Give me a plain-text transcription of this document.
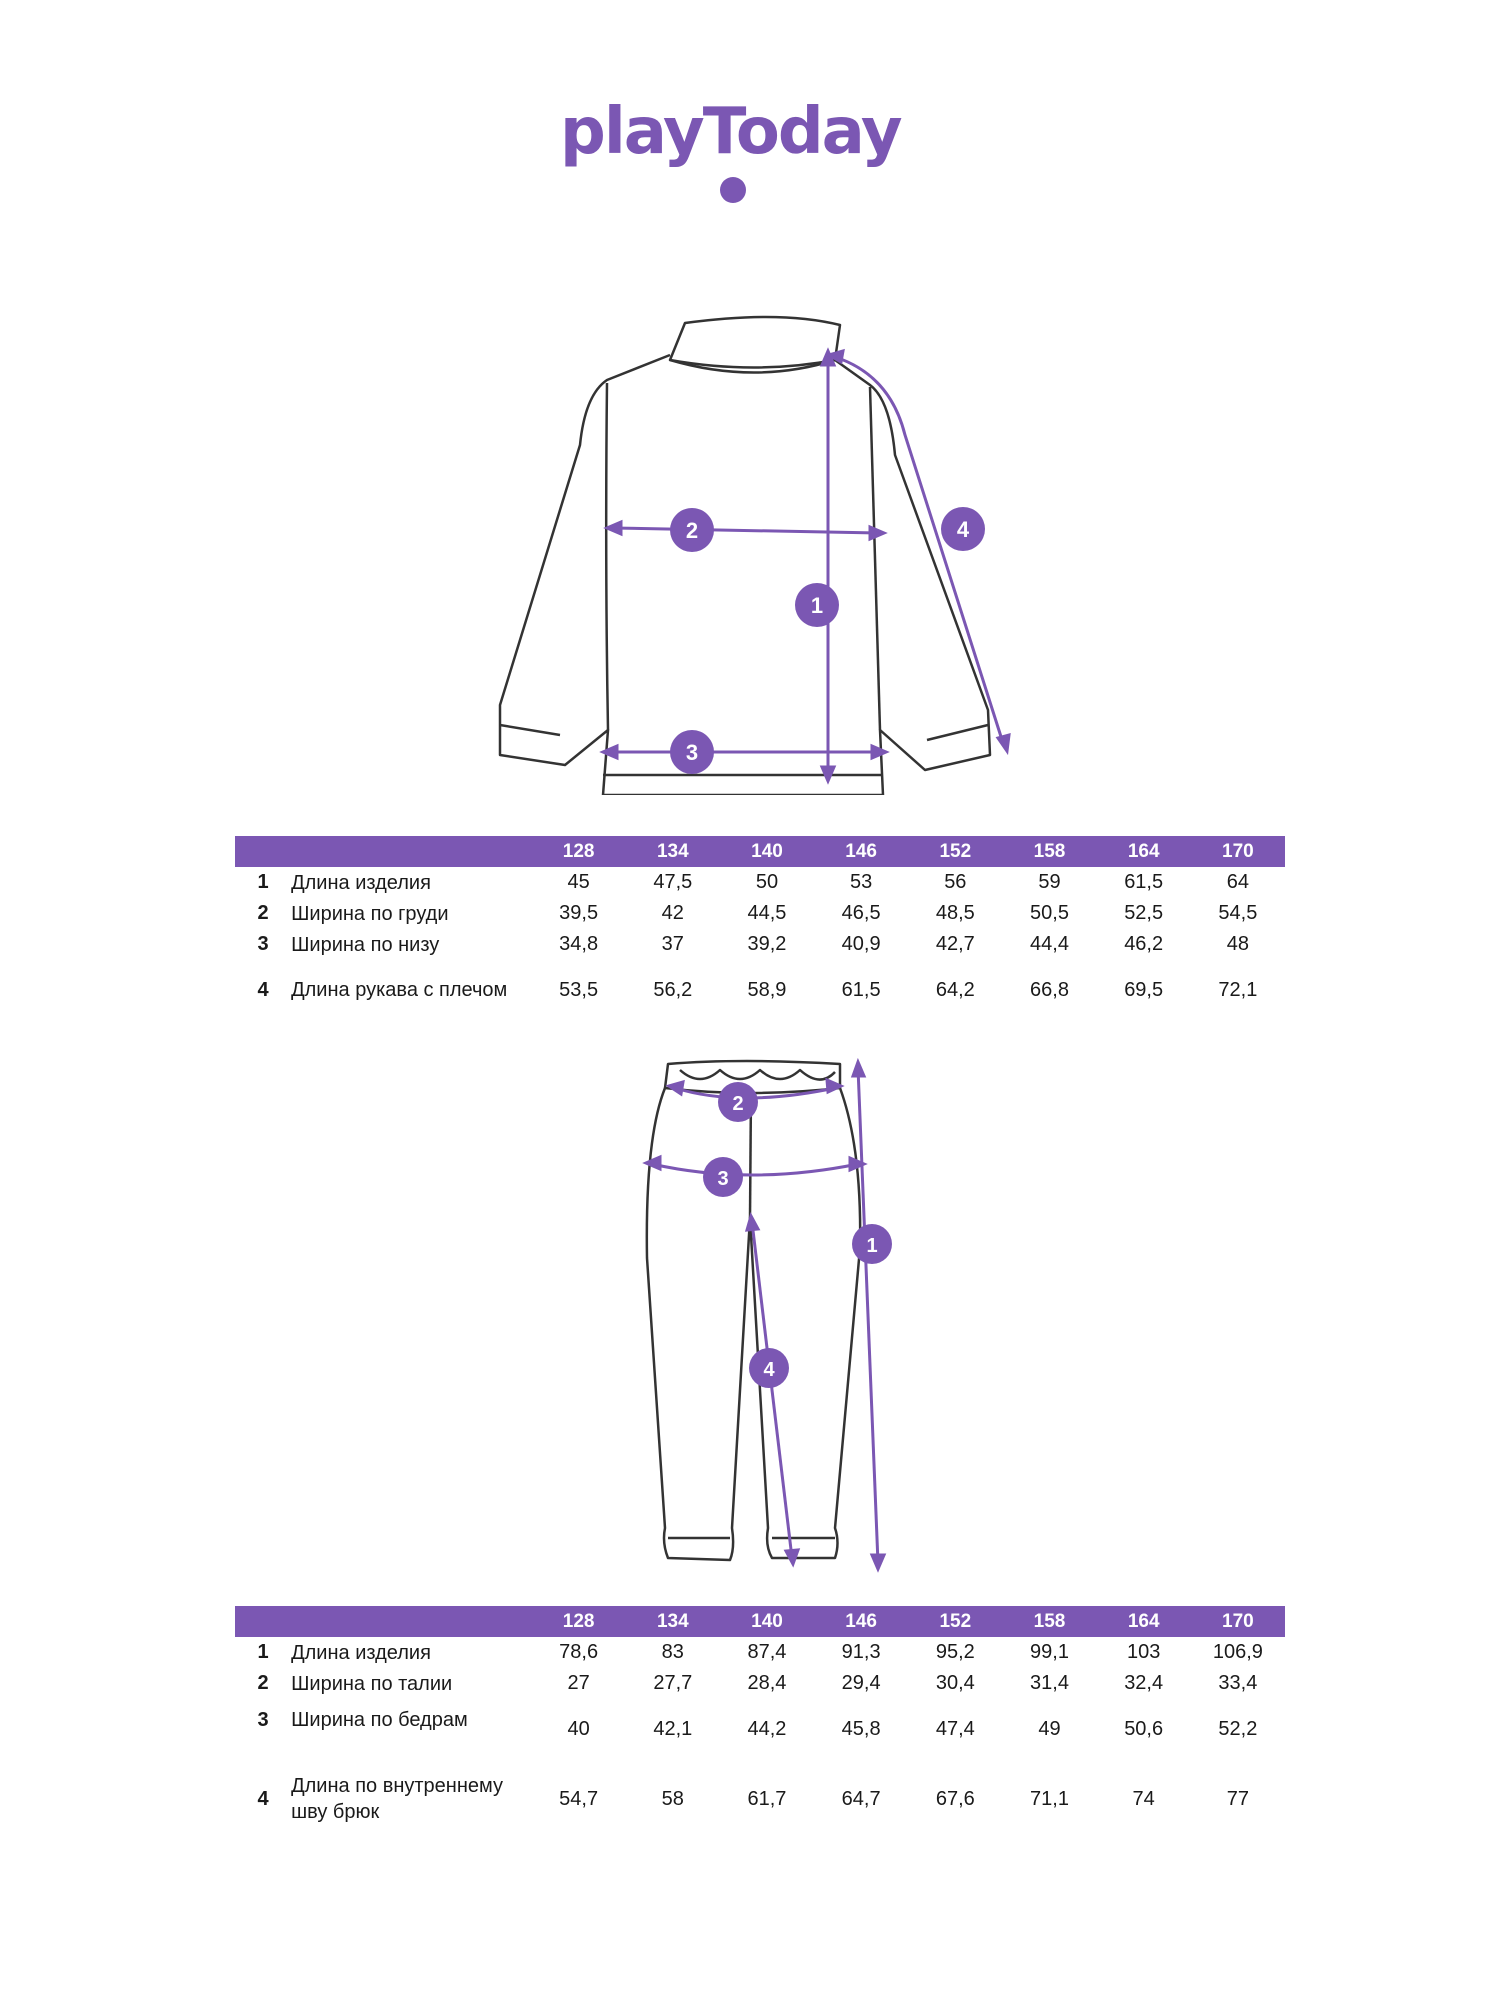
playToday
1
2
3
4
		128	134	140	146	152	158	164	170
1	Длина изделия	45	47,5	50	53	56	59	61,5	64
2	Ширина по груди	39,5	42	44,5	46,5	48,5	50,5	52,5	54,5
3	Ширина по низу	34,8	37	39,2	40,9	42,7	44,4	46,2	48
4	Длина рукава с плечом	53,5	56,2	58,9	61,5	64,2	66,8	69,5	72,1
1
2
3
4
		128	134	140	146	152	158	164	170
1	Длина изделия	78,6	83	87,4	91,3	95,2	99,1	103	106,9
2	Ширина по талии	27	27,7	28,4	29,4	30,4	31,4	32,4	33,4
3	Ширина по бедрам	40	42,1	44,2	45,8	47,4	49	50,6	52,2
4	Длина по внутреннему шву брюк	54,7	58	61,7	64,7	67,6	71,1	74	77
